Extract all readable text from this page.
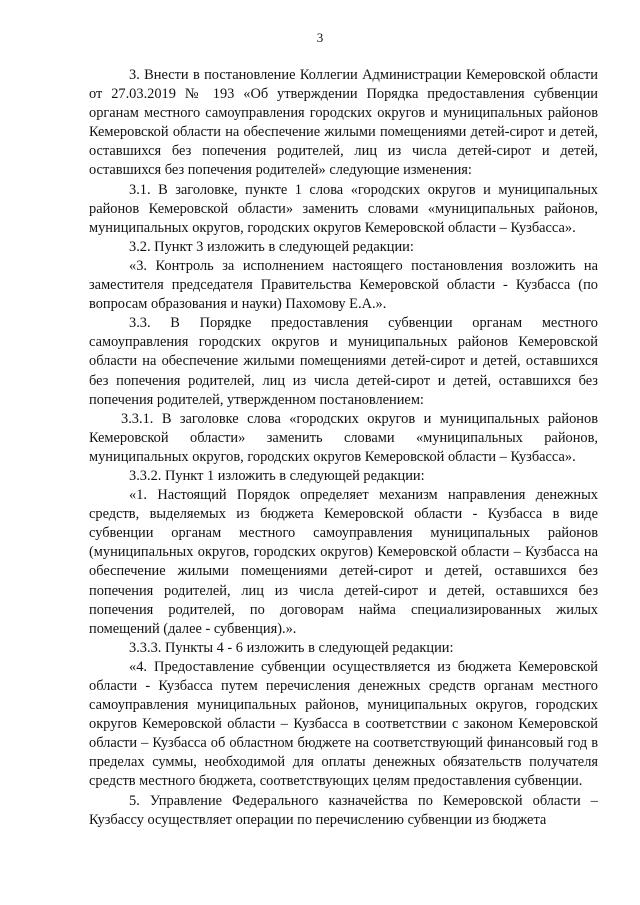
3

3. Внести в постановление Коллегии Администрации Кемеровской области от 27.03.2019 № 193 «Об утверждении Порядка предоставления субвенции органам местного самоуправления городских округов и муниципальных районов Кемеровской области на обеспечение жилыми помещениями детей-сирот и детей, оставшихся без попечения родителей, лиц из числа детей-сирот и детей, оставшихся без попечения родителей» следующие изменения:

3.1. В заголовке, пункте 1 слова «городских округов и муниципальных районов Кемеровской области» заменить словами «муниципальных районов, муниципальных округов, городских округов Кемеровской области – Кузбасса».

3.2. Пункт 3 изложить в следующей редакции:

«3. Контроль за исполнением настоящего постановления возложить на заместителя председателя Правительства Кемеровской области - Кузбасса (по вопросам образования и науки) Пахомову Е.А.».

3.3. В Порядке предоставления субвенции органам местного самоуправления городских округов и муниципальных районов Кемеровской области на обеспечение жилыми помещениями детей-сирот и детей, оставшихся без попечения родителей, лиц из числа детей-сирот и детей, оставшихся без попечения родителей, утвержденном постановлением:

3.3.1. В заголовке слова «городских округов и муниципальных районов Кемеровской области» заменить словами «муниципальных районов, муниципальных округов, городских округов Кемеровской области – Кузбасса».

3.3.2. Пункт 1 изложить в следующей редакции:

«1. Настоящий Порядок определяет механизм направления денежных средств, выделяемых из бюджета Кемеровской области - Кузбасса в виде субвенции органам местного самоуправления муниципальных районов (муниципальных округов, городских округов) Кемеровской области – Кузбасса на обеспечение жилыми помещениями детей-сирот и детей, оставшихся без попечения родителей, лиц из числа детей-сирот и детей, оставшихся без попечения родителей, по договорам найма специализированных жилых помещений (далее - субвенция).».

3.3.3. Пункты 4 - 6 изложить в следующей редакции:

«4. Предоставление субвенции осуществляется из бюджета Кемеровской области - Кузбасса путем перечисления денежных средств органам местного самоуправления муниципальных районов, муниципальных округов, городских округов Кемеровской области – Кузбасса в соответствии с законом Кемеровской области – Кузбасса об областном бюджете на соответствующий финансовый год в пределах суммы, необходимой для оплаты денежных обязательств получателя средств местного бюджета, соответствующих целям предоставления субвенции.

5. Управление Федерального казначейства по Кемеровской области – Кузбассу осуществляет операции по перечислению субвенции из бюджета
